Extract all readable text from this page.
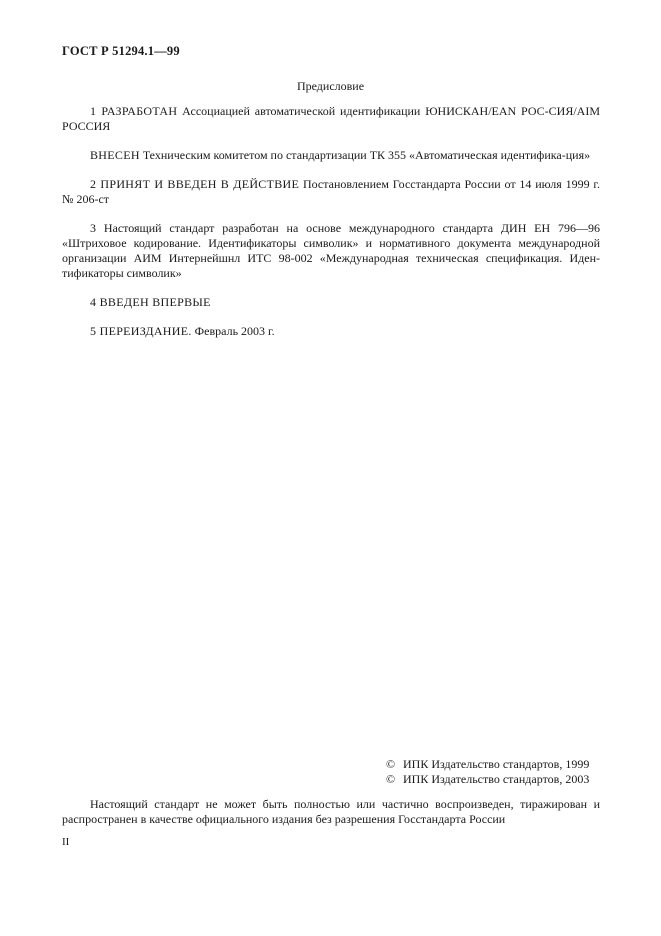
ГОСТ Р 51294.1—99
Предисловие

1 РАЗРАБОТАН Ассоциацией автоматической идентификации ЮНИСКАН/EAN РОС-СИЯ/AIM РОССИЯ

ВНЕСЕН Техническим комитетом по стандартизации ТК 355 «Автоматическая идентифика-ция»

2 ПРИНЯТ И ВВЕДЕН В ДЕЙСТВИЕ Постановлением Госстандарта России от 14 июля 1999 г. № 206-ст

3 Настоящий стандарт разработан на основе международного стандарта ДИН ЕН 796—96 «Штриховое кодирование. Идентификаторы символик» и нормативного документа международной организации АИМ Интернейшнл ИТС 98-002 «Международная техническая спецификация. Иден-тификаторы символик»

4 ВВЕДЕН ВПЕРВЫЕ

5 ПЕРЕИЗДАНИЕ. Февраль 2003 г.

© ИПК Издательство стандартов, 1999
© ИПК Издательство стандартов, 2003
Настоящий стандарт не может быть полностью или частично воспроизведен, тиражирован и распространен в качестве официального издания без разрешения Госстандарта России
II
